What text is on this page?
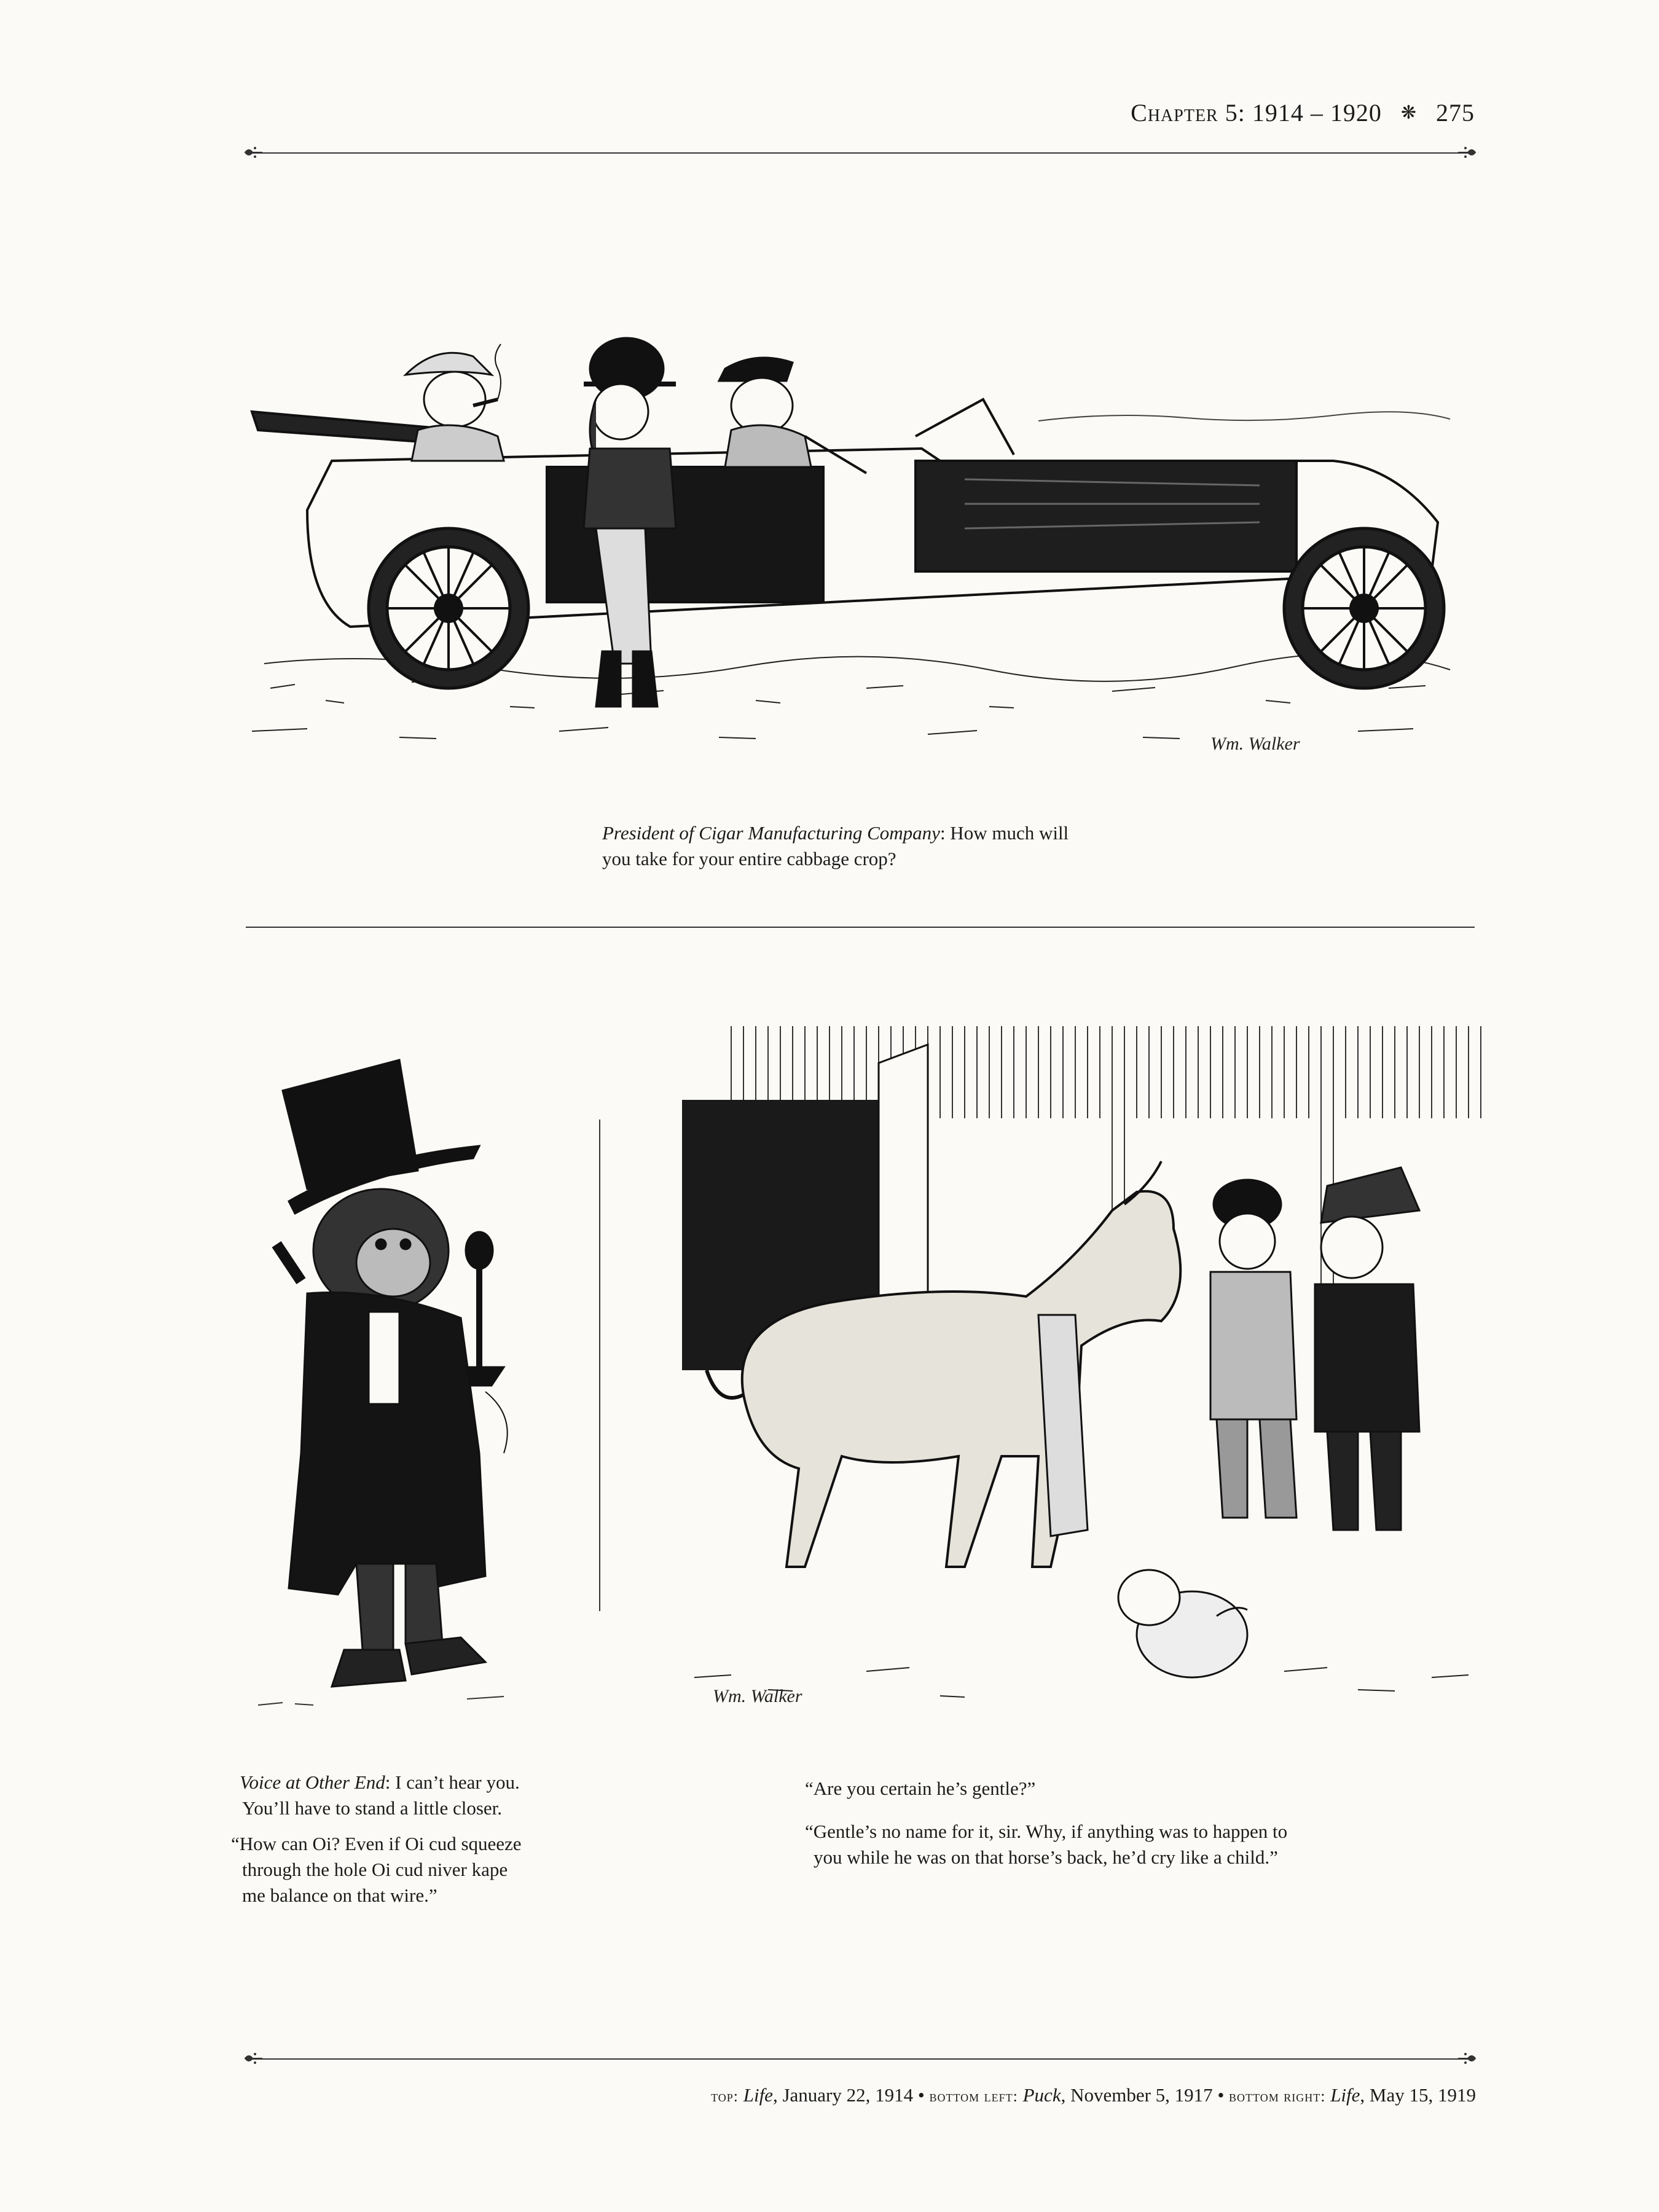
Chapter 5: 1914 – 1920 ❋ 275
Wm. Walker

President of Cigar Manufacturing Company: How much will

you take for your entire cabbage crop?

Wm. Walker

Voice at Other End: I can’t hear you.

You’ll have to stand a little closer.

“How can Oi? Even if Oi cud squeeze

through the hole Oi cud niver kape

me balance on that wire.”

“Are you certain he’s gentle?”

“Gentle’s no name for it, sir. Why, if anything was to happen to

you while he was on that horse’s back, he’d cry like a child.”

top: Life, January 22, 1914 • bottom left: Puck, November 5, 1917 • bottom right: Life, May 15, 1919
